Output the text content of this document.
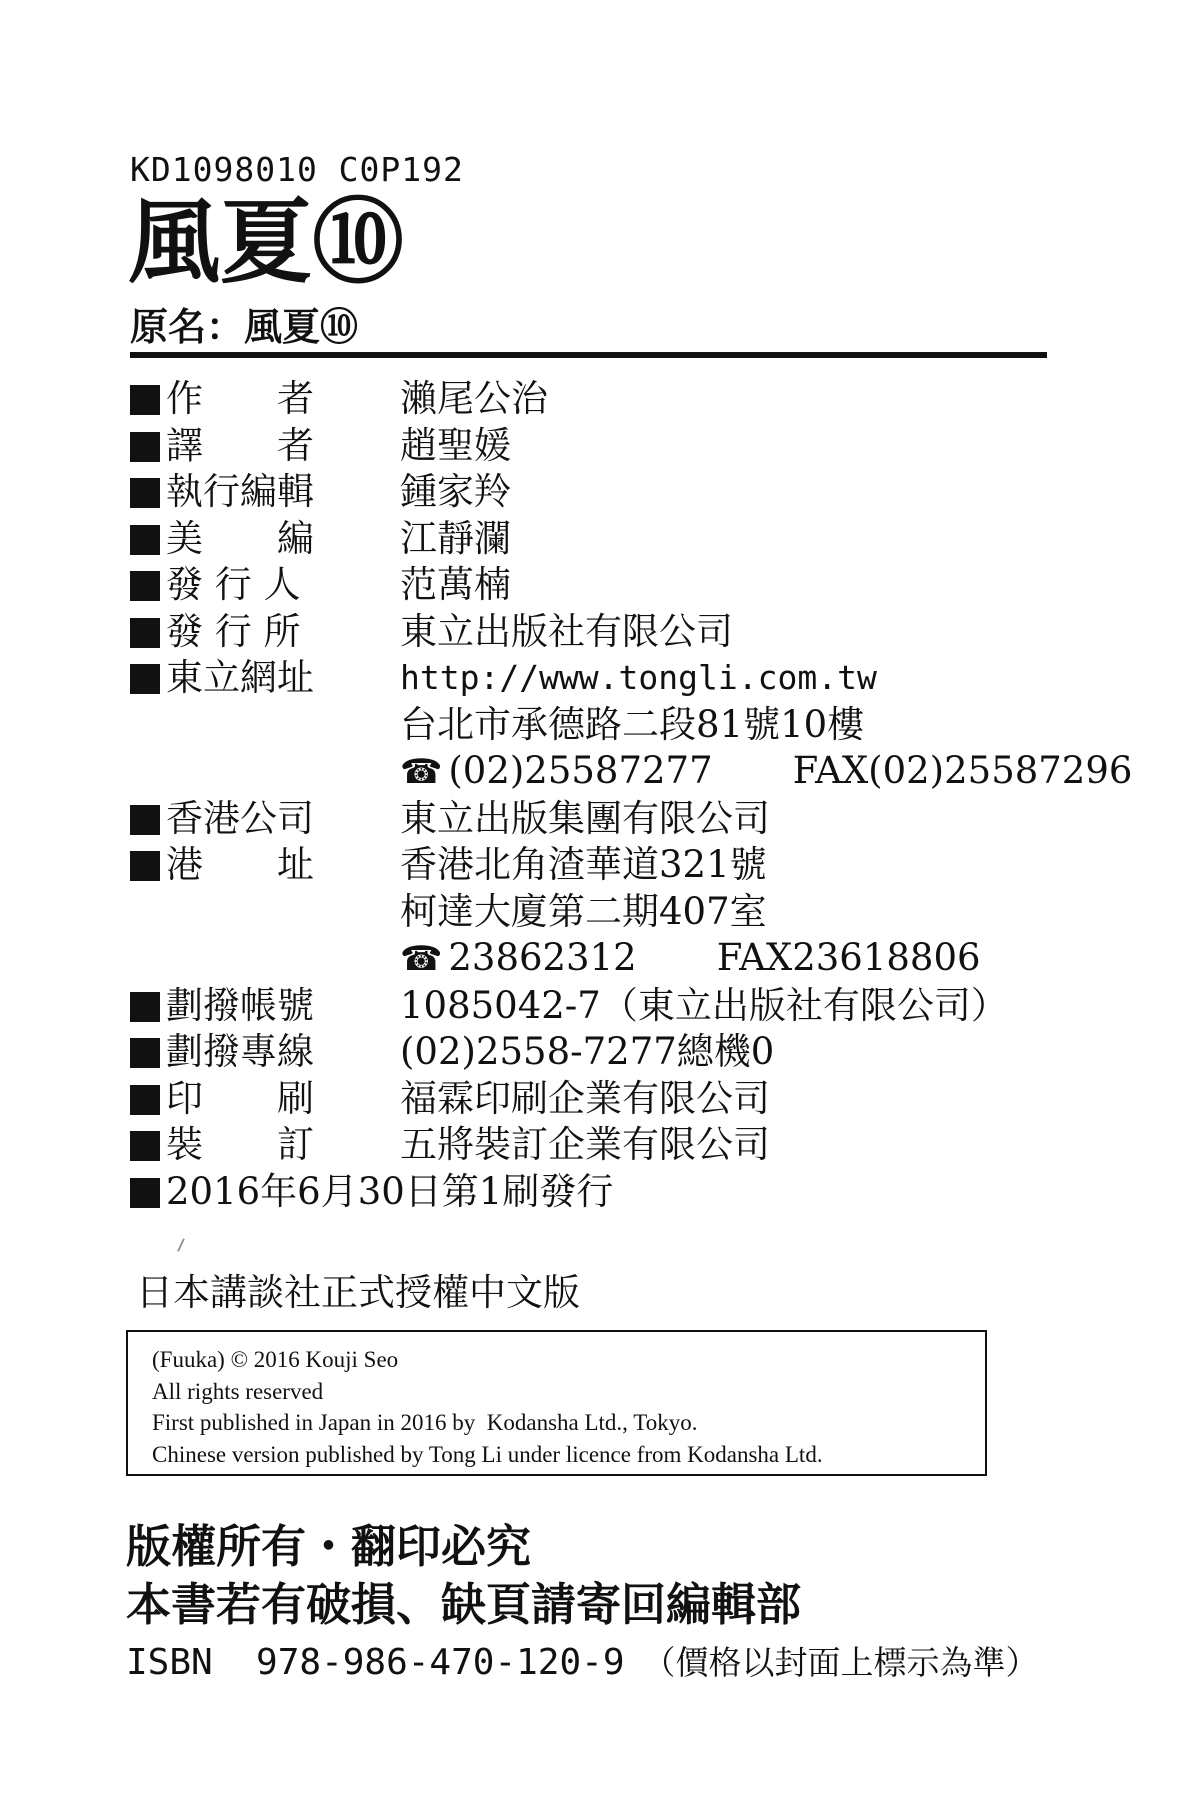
KD1098010 C0P192
風夏⑩
原名：風夏⑩
作　　者	瀨尾公治
譯　　者	趙聖媛
執行編輯	鍾家羚
美　　編	江靜瀾
發 行 人	范萬楠
發 行 所	東立出版社有限公司
東立網址	http://www.tongli.com.tw
台北市承德路二段81號10樓
☎ (02)25587277 FAX(02)25587296
香港公司	東立出版集團有限公司
港　　址	香港北角渣華道321號
柯達大廈第二期407室
☎ 23862312 FAX23618806
劃撥帳號	1085042-7（東立出版社有限公司）
劃撥專線	(02)2558-7277總機0
印　　刷	福霖印刷企業有限公司
裝　　訂	五將裝訂企業有限公司
2016年6月30日第1刷發行
日本講談社正式授權中文版
(Fuuka) © 2016 Kouji Seo
All rights reserved
First published in Japan in 2016 by  Kodansha Ltd., Tokyo.
Chinese version published by Tong Li under licence from Kodansha Ltd.
版權所有・翻印必究
本書若有破損、缺頁請寄回編輯部
ISBN  978-986-470-120-9 （價格以封面上標示為準）
